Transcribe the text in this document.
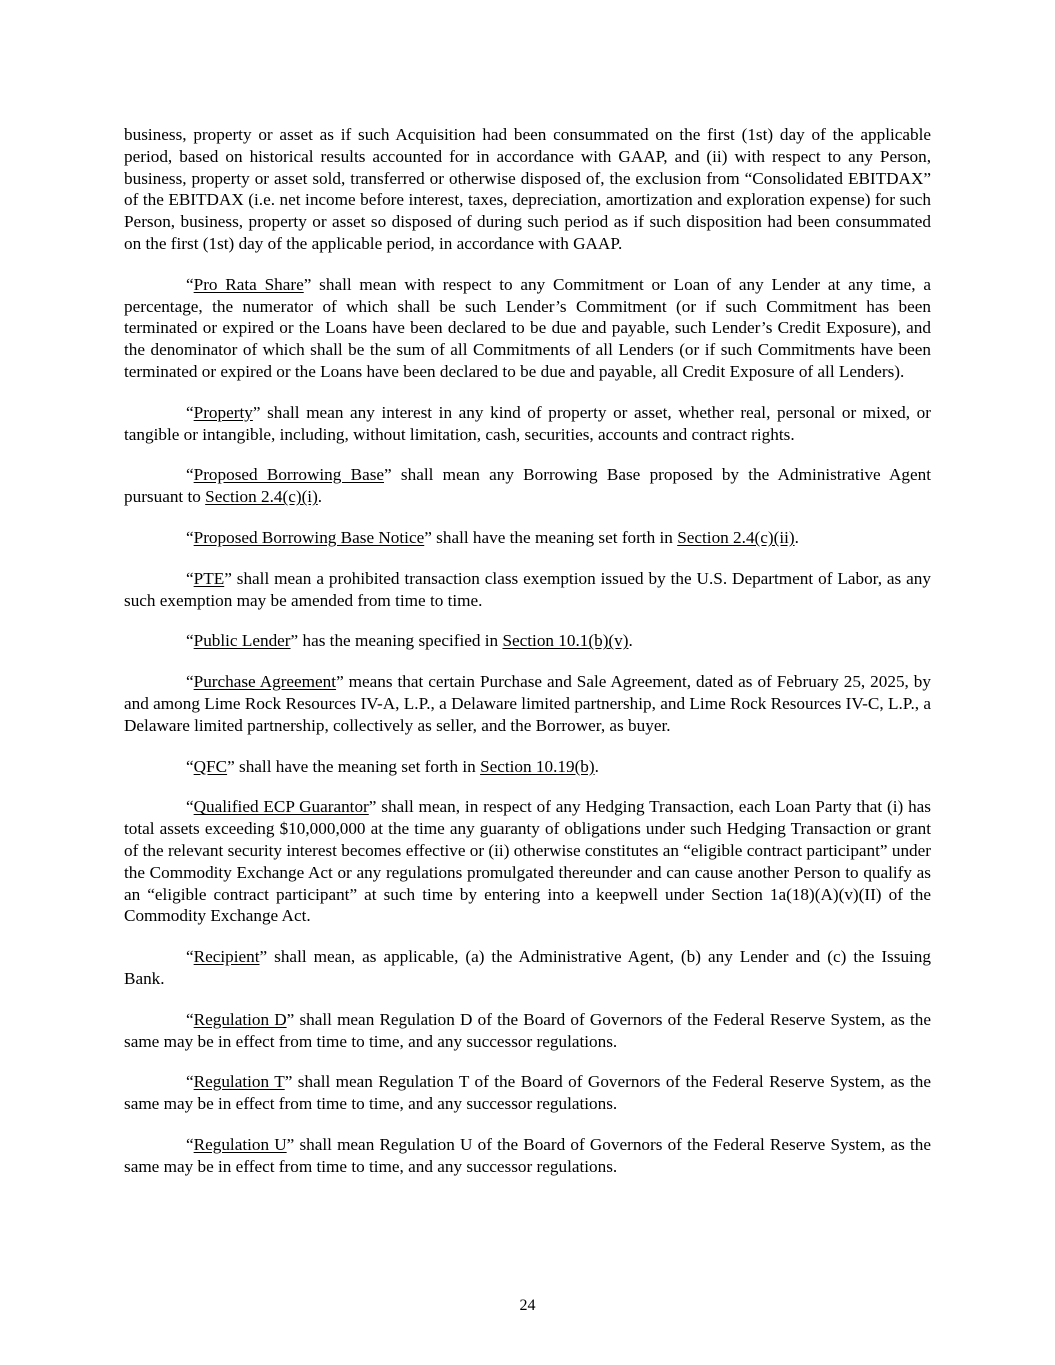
business, property or asset as if such Acquisition had been consummated on the first (1st) day of the applicable period, based on historical results accounted for in accordance with GAAP, and (ii) with respect to any Person, business, property or asset sold, transferred or otherwise disposed of, the exclusion from “Consolidated EBITDAX” of the EBITDAX (i.e. net income before interest, taxes, depreciation, amortization and exploration expense) for such Person, business, property or asset so disposed of during such period as if such disposition had been consummated on the first (1st) day of the applicable period, in accordance with GAAP.

“Pro Rata Share” shall mean with respect to any Commitment or Loan of any Lender at any time, a percentage, the numerator of which shall be such Lender’s Commitment (or if such Commitment has been terminated or expired or the Loans have been declared to be due and payable, such Lender’s Credit Exposure), and the denominator of which shall be the sum of all Commitments of all Lenders (or if such Commitments have been terminated or expired or the Loans have been declared to be due and payable, all Credit Exposure of all Lenders).

“Property” shall mean any interest in any kind of property or asset, whether real, personal or mixed, or tangible or intangible, including, without limitation, cash, securities, accounts and contract rights.

“Proposed Borrowing Base” shall mean any Borrowing Base proposed by the Administrative Agent pursuant to Section 2.4(c)(i).

“Proposed Borrowing Base Notice” shall have the meaning set forth in Section 2.4(c)(ii).

“PTE” shall mean a prohibited transaction class exemption issued by the U.S. Department of Labor, as any such exemption may be amended from time to time.

“Public Lender” has the meaning specified in Section 10.1(b)(v).

“Purchase Agreement” means that certain Purchase and Sale Agreement, dated as of February 25, 2025, by and among Lime Rock Resources IV-A, L.P., a Delaware limited partnership, and Lime Rock Resources IV-C, L.P., a Delaware limited partnership, collectively as seller, and the Borrower, as buyer.

“QFC” shall have the meaning set forth in Section 10.19(b).

“Qualified ECP Guarantor” shall mean, in respect of any Hedging Transaction, each Loan Party that (i) has total assets exceeding $10,000,000 at the time any guaranty of obligations under such Hedging Transaction or grant of the relevant security interest becomes effective or (ii) otherwise constitutes an “eligible contract participant” under the Commodity Exchange Act or any regulations promulgated thereunder and can cause another Person to qualify as an “eligible contract participant” at such time by entering into a keepwell under Section 1a(18)(A)(v)(II) of the Commodity Exchange Act.

“Recipient” shall mean, as applicable, (a) the Administrative Agent, (b) any Lender and (c) the Issuing Bank.

“Regulation D” shall mean Regulation D of the Board of Governors of the Federal Reserve System, as the same may be in effect from time to time, and any successor regulations.

“Regulation T” shall mean Regulation T of the Board of Governors of the Federal Reserve System, as the same may be in effect from time to time, and any successor regulations.

“Regulation U” shall mean Regulation U of the Board of Governors of the Federal Reserve System, as the same may be in effect from time to time, and any successor regulations.

24
